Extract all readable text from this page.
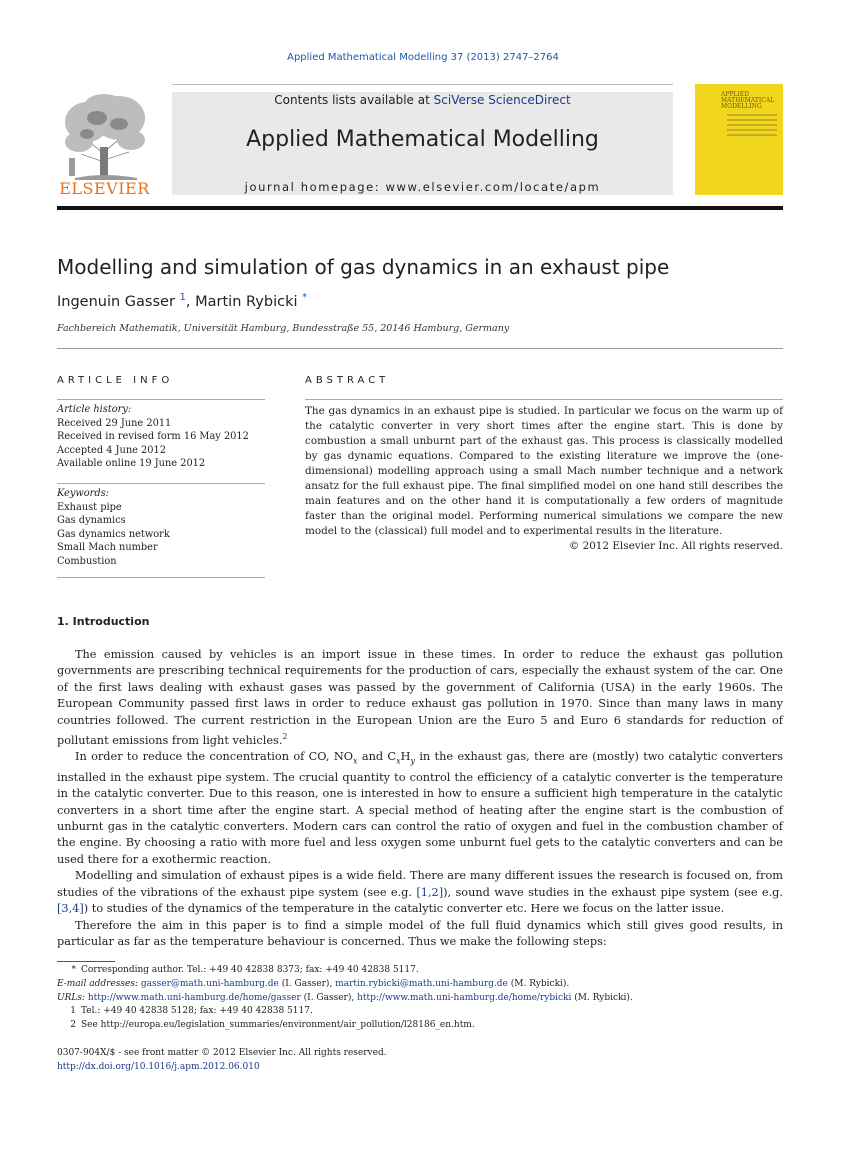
Applied Mathematical Modelling 37 (2013) 2747–2764
ELSEVIER
Contents lists available at SciVerse ScienceDirect
Applied Mathematical Modelling
journal homepage: www.elsevier.com/locate/apm
APPLIED MATHEMATICAL MODELLING
Modelling and simulation of gas dynamics in an exhaust pipe
Ingenuin Gasser $^1$, Martin Rybicki *
Fachbereich Mathematik, Universität Hamburg, Bundesstraße 55, 20146 Hamburg, Germany
ARTICLE INFO
Article history:
Received 29 June 2011
Received in revised form 16 May 2012
Accepted 4 June 2012
Available online 19 June 2012
Keywords:
Exhaust pipe
Gas dynamics
Gas dynamics network
Small Mach number
Combustion
ABSTRACT
The gas dynamics in an exhaust pipe is studied. In particular we focus on the warm up of the catalytic converter in very short times after the engine start. This is done by combustion a small unburnt part of the exhaust gas. This process is classically modelled by gas dynamic equations. Compared to the existing literature we improve the (one-dimensional) modelling approach using a small Mach number technique and a network ansatz for the full exhaust pipe. The final simplified model on one hand still describes the main features and on the other hand it is computationally a few orders of magnitude faster than the original model. Performing numerical simulations we compare the new model to the (classical) full model and to experimental results in the literature.
© 2012 Elsevier Inc. All rights reserved.
1. Introduction

The emission caused by vehicles is an import issue in these times. In order to reduce the exhaust gas pollution governments are prescribing technical requirements for the production of cars, especially the exhaust system of the car. One of the first laws dealing with exhaust gases was passed by the government of California (USA) in the early 1960s. The European Community passed first laws in order to reduce exhaust gas pollution in 1970. Since than many laws in many countries followed. The current restriction in the European Union are the Euro 5 and Euro 6 standards for reduction of pollutant emissions from light vehicles.$^2$

In order to reduce the concentration of CO, $NO_x$ and $C_xH_y$ in the exhaust gas, there are (mostly) two catalytic converters installed in the exhaust pipe system. The crucial quantity to control the efficiency of a catalytic converter is the temperature in the catalytic converter. Due to this reason, one is interested in how to ensure a sufficient high temperature in the catalytic converters in a short time after the engine start. A special method of heating after the engine start is the combustion of unburnt gas in the catalytic converters. Modern cars can control the ratio of oxygen and fuel in the combustion chamber of the engine. By choosing a ratio with more fuel and less oxygen some unburnt fuel gets to the catalytic converters and can be used there for a exothermic reaction.

Modelling and simulation of exhaust pipes is a wide field. There are many different issues the research is focused on, from studies of the vibrations of the exhaust pipe system (see e.g. [1,2]), sound wave studies in the exhaust pipe system (see e.g. [3,4]) to studies of the dynamics of the temperature in the catalytic converter etc. Here we focus on the latter issue.

Therefore the aim in this paper is to find a simple model of the full fluid dynamics which still gives good results, in particular as far as the temperature behaviour is concerned. Thus we make the following steps:

* Corresponding author. Tel.: +49 40 42838 8373; fax: +49 40 42838 5117.
E-mail addresses: gasser@math.uni-hamburg.de (I. Gasser), martin.rybicki@math.uni-hamburg.de (M. Rybicki).
URLs: http://www.math.uni-hamburg.de/home/gasser (I. Gasser), http://www.math.uni-hamburg.de/home/rybicki (M. Rybicki).
1 Tel.: +49 40 42838 5128; fax: +49 40 42838 5117.
2 See http://europa.eu/legislation_summaries/environment/air_pollution/l28186_en.htm.
0307-904X/$ - see front matter © 2012 Elsevier Inc. All rights reserved.
http://dx.doi.org/10.1016/j.apm.2012.06.010
